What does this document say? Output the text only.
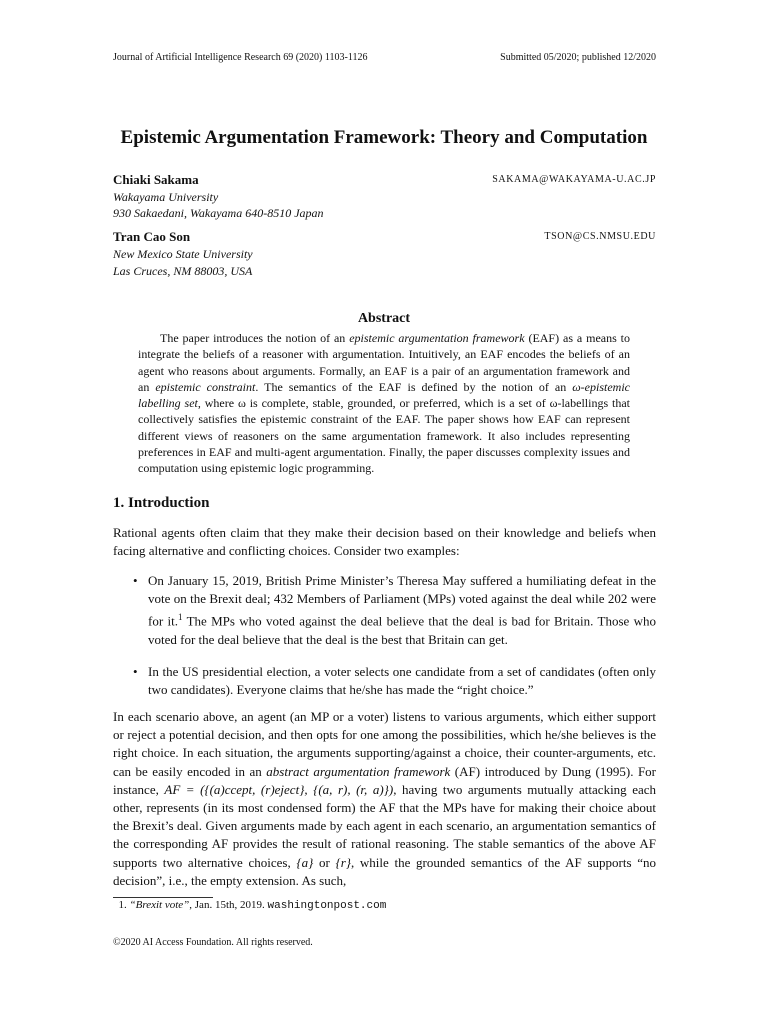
Journal of Artificial Intelligence Research 69 (2020) 1103-1126	Submitted 05/2020; published 12/2020
Epistemic Argumentation Framework: Theory and Computation
Chiaki Sakama	SAKAMA@WAKAYAMA-U.AC.JP
Wakayama University
930 Sakaedani, Wakayama 640-8510 Japan
Tran Cao Son	TSON@CS.NMSU.EDU
New Mexico State University
Las Cruces, NM 88003, USA
Abstract

The paper introduces the notion of an epistemic argumentation framework (EAF) as a means to integrate the beliefs of a reasoner with argumentation. Intuitively, an EAF encodes the beliefs of an agent who reasons about arguments. Formally, an EAF is a pair of an argumentation framework and an epistemic constraint. The semantics of the EAF is defined by the notion of an ω-epistemic labelling set, where ω is complete, stable, grounded, or preferred, which is a set of ω-labellings that collectively satisfies the epistemic constraint of the EAF. The paper shows how EAF can represent different views of reasoners on the same argumentation framework. It also includes representing preferences in EAF and multi-agent argumentation. Finally, the paper discusses complexity issues and computation using epistemic logic programming.

1. Introduction

Rational agents often claim that they make their decision based on their knowledge and beliefs when facing alternative and conflicting choices. Consider two examples:

• On January 15, 2019, British Prime Minister’s Theresa May suffered a humiliating defeat in the vote on the Brexit deal; 432 Members of Parliament (MPs) voted against the deal while 202 were for it.$^1$ The MPs who voted against the deal believe that the deal is bad for Britain. Those who voted for the deal believe that the deal is the best that Britain can get.
• In the US presidential election, a voter selects one candidate from a set of candidates (often only two candidates). Everyone claims that he/she has made the “right choice.”

In each scenario above, an agent (an MP or a voter) listens to various arguments, which either support or reject a potential decision, and then opts for one among the possibilities, which he/she believes is the right choice. In each situation, the arguments supporting/against a choice, their counter-arguments, etc. can be easily encoded in an abstract argumentation framework (AF) introduced by Dung (1995). For instance, AF = ({(a)ccept, (r)eject}, {(a, r), (r, a)}), having two arguments mutually attacking each other, represents (in its most condensed form) the AF that the MPs have for making their choice about the Brexit’s deal. Given arguments made by each agent in each scenario, an argumentation semantics of the corresponding AF provides the result of rational reasoning. The stable semantics of the above AF supports two alternative choices, {a} or {r}, while the grounded semantics of the AF supports “no decision”, i.e., the empty extension. As such,

1. “Brexit vote”, Jan. 15th, 2019. washingtonpost.com
©2020 AI Access Foundation. All rights reserved.
